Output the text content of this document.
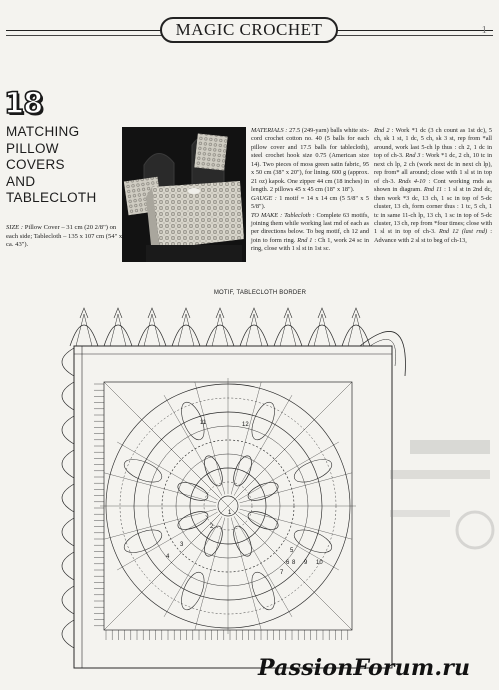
MAGIC CROCHET	1
18
MATCHING
PILLOW
COVERS
AND
TABLECLOTH
SIZE : Pillow Cover – 31 cm (20 2/8") on each side; Tablecloth – 135 x 107 cm (54" x ca. 43").
MATERIALS : 27.5 (249-yarn) balls white six-cord crochet cotton no. 40 (5 balls for each pillow cover and 17.5 balls for tablecloth), steel crochet hook size 0.75 (American size 14). Two pieces of moss green satin fabric, 95 x 50 cm (38" x 20"), for lining. 600 g (approx. 21 oz) kapok. One zipper 44 cm (18 inches) in length. 2 pillows 45 x 45 cm (18" x 18").
GAUGE : 1 motif = 14 x 14 cm (5 5/8" x 5 5/8").
TO MAKE : Tablecloth : Complete 63 motifs, joining them while working last rnd of each as per directions below. To beg motif, ch 12 and join to form ring. Rnd 1 : Ch 1, work 24 sc in ring, close with 1 sl st in 1st sc.
Rnd 2 : Work *1 dc (3 ch count as 1st dc), 5 ch, sk 1 st, 1 dc, 5 ch, sk 3 st, rep from *all around, work last 5-ch lp thus : ch 2, 1 dc in top of ch-3. Rnd 3 : Work *1 dc, 2 ch, 10 tc in next ch lp, 2 ch (work next dc in next ch lp), rep from* all around; close with 1 sl st in top of ch-3. Rnds 4-10 : Cont working rnds as shown in diagram. Rnd 11 : 1 sl st in 2nd dc, then work *3 dc, 13 ch, 1 sc in top of 5-dc cluster, 13 ch, form corner thus : 1 tc, 5 ch, 1 tc in same 11-ch lp, 13 ch, 1 sc in top of 5-dc cluster, 13 ch, rep from *four times; close with 1 sl st in top of ch-3. Rnd 12 (last rnd) : Advance with 2 sl st to beg of ch-13,
MOTIF, TABLECLOTH BORDER
1
2
3
4
5
6
7
8 9 10
11	12
PassionForum.ru
